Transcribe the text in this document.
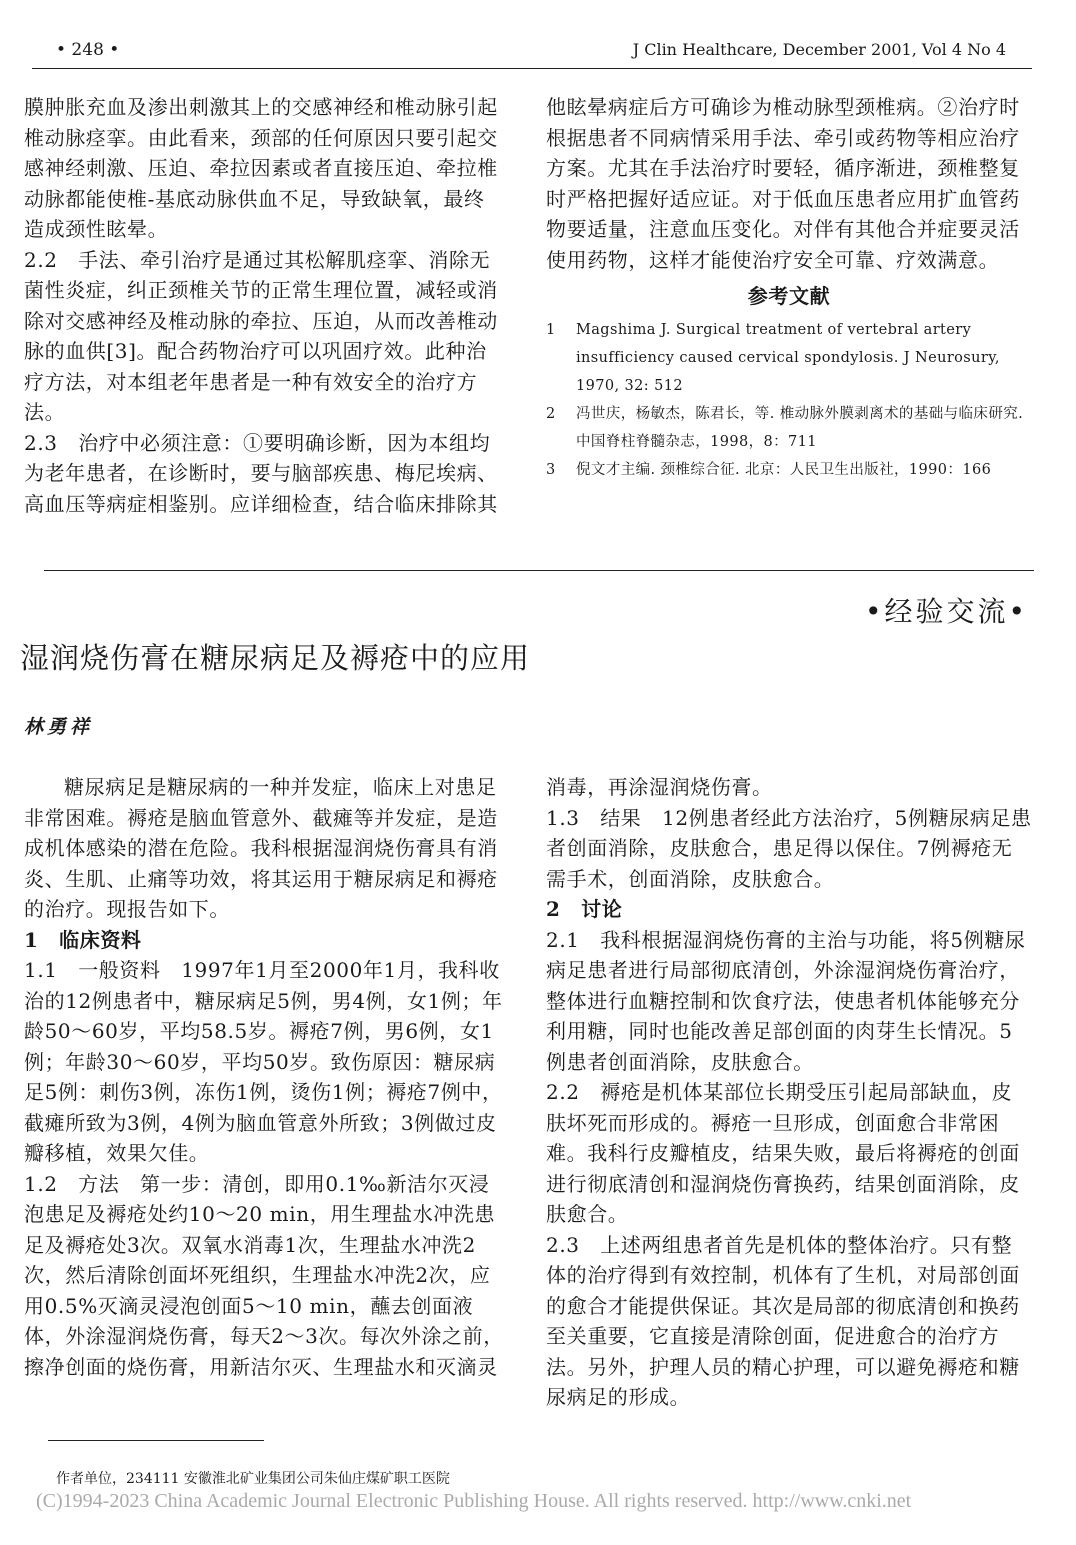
• 248 •	J Clin Healthcare, December 2001, Vol 4 No 4

膜肿胀充血及渗出刺激其上的交感神经和椎动脉引起椎动脉痉挛。由此看来，颈部的任何原因只要引起交感神经刺激、压迫、牵拉因素或者直接压迫、牵拉椎动脉都能使椎-基底动脉供血不足，导致缺氧，最终造成颈性眩晕。

2.2　手法、牵引治疗是通过其松解肌痉挛、消除无菌性炎症，纠正颈椎关节的正常生理位置，减轻或消除对交感神经及椎动脉的牵拉、压迫，从而改善椎动脉的血供[3]。配合药物治疗可以巩固疗效。此种治疗方法，对本组老年患者是一种有效安全的治疗方法。

2.3　治疗中必须注意：①要明确诊断，因为本组均为老年患者，在诊断时，要与脑部疾患、梅尼埃病、高血压等病症相鉴别。应详细检查，结合临床排除其

他眩晕病症后方可确诊为椎动脉型颈椎病。②治疗时根据患者不同病情采用手法、牵引或药物等相应治疗方案。尤其在手法治疗时要轻，循序渐进，颈椎整复时严格把握好适应证。对于低血压患者应用扩血管药物要适量，注意血压变化。对伴有其他合并症要灵活使用药物，这样才能使治疗安全可靠、疗效满意。

参考文献
1	Magshima J. Surgical treatment of vertebral artery insufficiency caused cervical spondylosis. J Neurosury, 1970, 32: 512
2	冯世庆，杨敏杰，陈君长，等. 椎动脉外膜剥离术的基础与临床研究. 中国脊柱脊髓杂志，1998，8：711
3	倪文才主编. 颈椎综合征. 北京：人民卫生出版社，1990：166
•经验交流•
湿润烧伤膏在糖尿病足及褥疮中的应用
林勇祥

糖尿病足是糖尿病的一种并发症，临床上对患足非常困难。褥疮是脑血管意外、截瘫等并发症，是造成机体感染的潜在危险。我科根据湿润烧伤膏具有消炎、生肌、止痛等功效，将其运用于糖尿病足和褥疮的治疗。现报告如下。

1　临床资料

1.1　一般资料　1997年1月至2000年1月，我科收治的12例患者中，糖尿病足5例，男4例，女1例；年龄50～60岁，平均58.5岁。褥疮7例，男6例，女1例；年龄30～60岁，平均50岁。致伤原因：糖尿病足5例：刺伤3例，冻伤1例，烫伤1例；褥疮7例中，截瘫所致为3例，4例为脑血管意外所致；3例做过皮瓣移植，效果欠佳。

1.2　方法　第一步：清创，即用0.1‰新洁尔灭浸泡患足及褥疮处约10～20 min，用生理盐水冲洗患足及褥疮处3次。双氧水消毒1次，生理盐水冲洗2次，然后清除创面坏死组织，生理盐水冲洗2次，应用0.5%灭滴灵浸泡创面5～10 min，蘸去创面液体，外涂湿润烧伤膏，每天2～3次。每次外涂之前，擦净创面的烧伤膏，用新洁尔灭、生理盐水和灭滴灵

消毒，再涂湿润烧伤膏。

1.3　结果　12例患者经此方法治疗，5例糖尿病足患者创面消除，皮肤愈合，患足得以保住。7例褥疮无需手术，创面消除，皮肤愈合。

2　讨论

2.1　我科根据湿润烧伤膏的主治与功能，将5例糖尿病足患者进行局部彻底清创，外涂湿润烧伤膏治疗，整体进行血糖控制和饮食疗法，使患者机体能够充分利用糖，同时也能改善足部创面的肉芽生长情况。5例患者创面消除，皮肤愈合。

2.2　褥疮是机体某部位长期受压引起局部缺血，皮肤坏死而形成的。褥疮一旦形成，创面愈合非常困难。我科行皮瓣植皮，结果失败，最后将褥疮的创面进行彻底清创和湿润烧伤膏换药，结果创面消除，皮肤愈合。

2.3　上述两组患者首先是机体的整体治疗。只有整体的治疗得到有效控制，机体有了生机，对局部创面的愈合才能提供保证。其次是局部的彻底清创和换药至关重要，它直接是清除创面，促进愈合的治疗方法。另外，护理人员的精心护理，可以避免褥疮和糖尿病足的形成。

作者单位，234111 安徽淮北矿业集团公司朱仙庄煤矿职工医院
(C)1994-2023 China Academic Journal Electronic Publishing House. All rights reserved. http://www.cnki.net
